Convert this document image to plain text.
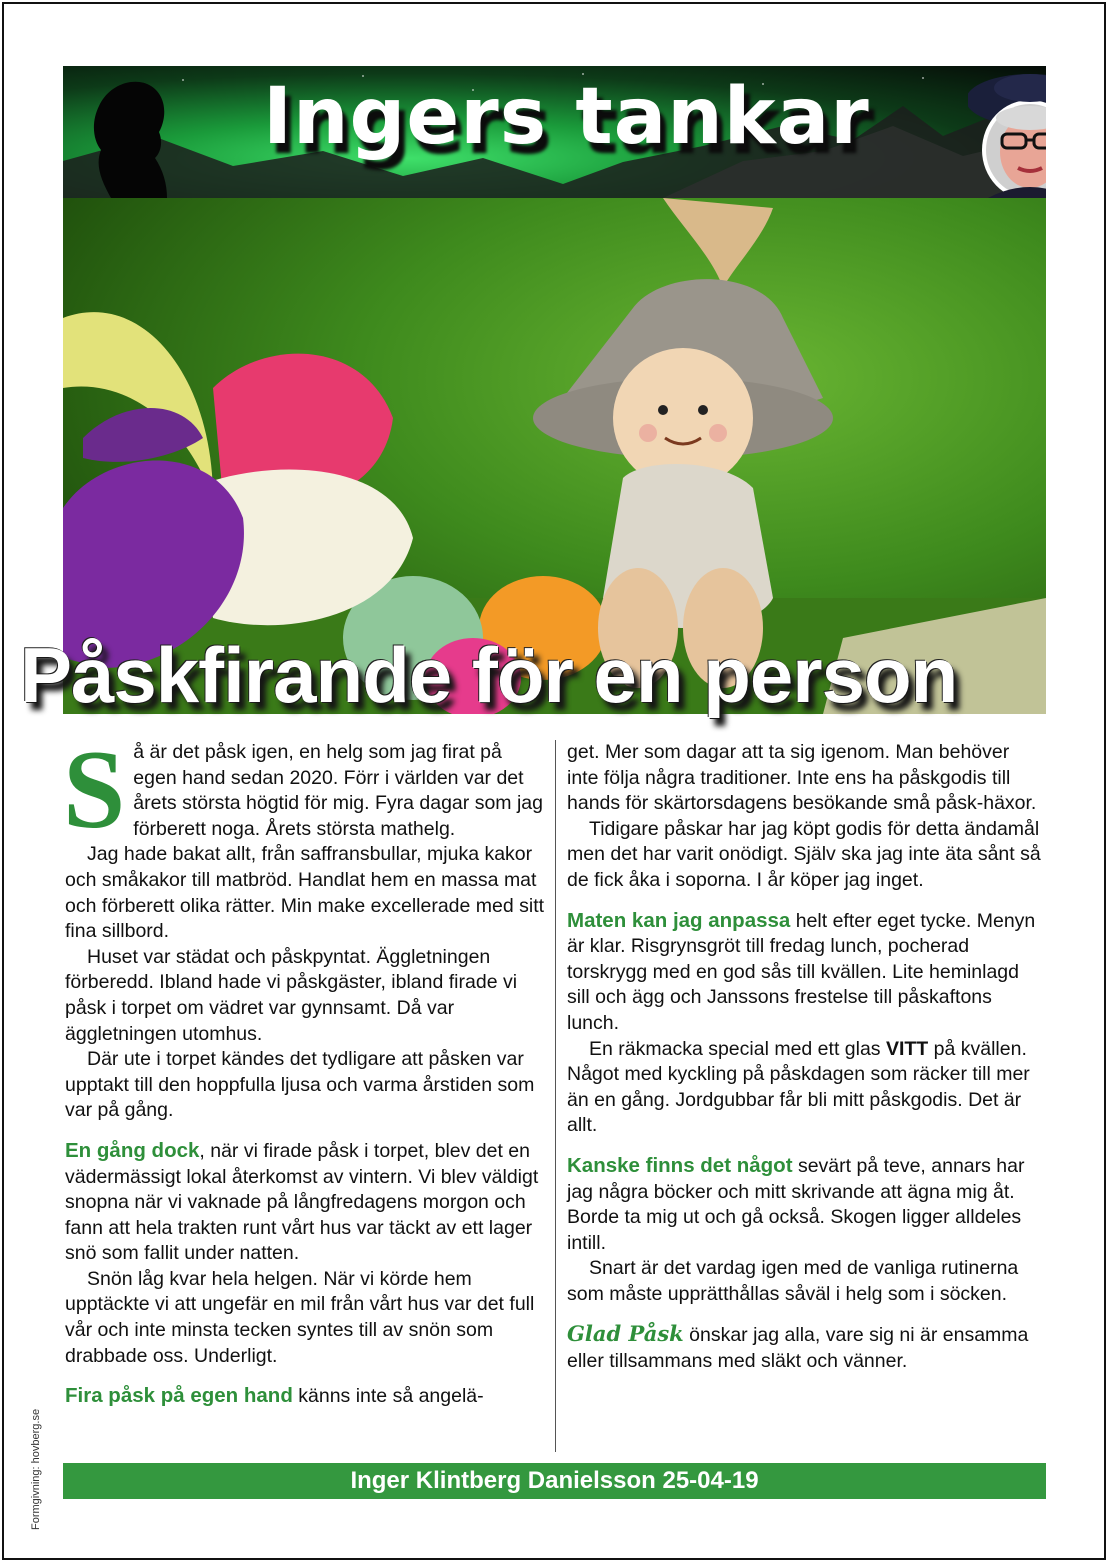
Ingers tankar
Påskfirande för en person

Så är det påsk igen, en helg som jag firat på egen hand sedan 2020. Förr i världen var det årets största högtid för mig. Fyra dagar som jag förberett noga. Årets största mathelg.

Jag hade bakat allt, från saffransbullar, mjuka kakor och småkakor till matbröd. Handlat hem en massa mat och förberett olika rätter. Min make excellerade med sitt fina sillbord.

Huset var städat och påskpyntat. Äggletningen förberedd. Ibland hade vi påskgäster, ibland firade vi påsk i torpet om vädret var gynnsamt. Då var äggletningen utomhus.

Där ute i torpet kändes det tydligare att påsken var upptakt till den hoppfulla ljusa och varma årstiden som var på gång.

En gång dock, när vi firade påsk i torpet, blev det en vädermässigt lokal återkomst av vintern. Vi blev väldigt snopna när vi vaknade på långfredagens morgon och fann att hela trakten runt vårt hus var täckt av ett lager snö som fallit under natten.

Snön låg kvar hela helgen. När vi körde hem upptäckte vi att ungefär en mil från vårt hus var det full vår och inte minsta tecken syntes till av snön som drabbade oss. Underligt.

Fira påsk på egen hand känns inte så angelä-

get. Mer som dagar att ta sig igenom. Man behöver inte följa några traditioner. Inte ens ha påskgodis till hands för skärtorsdagens besökande små påsk-häxor.

Tidigare påskar har jag köpt godis för detta ändamål men det har varit onödigt. Själv ska jag inte äta sånt så de fick åka i soporna. I år köper jag inget.

Maten kan jag anpassa helt efter eget tycke. Menyn är klar. Risgrynsgröt till fredag lunch, pocherad torskrygg med en god sås till kvällen. Lite heminlagd sill och ägg och Janssons frestelse till påskaftons lunch.

En räkmacka special med ett glas VITT på kvällen. Något med kyckling på påskdagen som räcker till mer än en gång. Jordgubbar får bli mitt påskgodis. Det är allt.

Kanske finns det något sevärt på teve, annars har jag några böcker och mitt skrivande att ägna mig åt. Borde ta mig ut och gå också. Skogen ligger alldeles intill.

Snart är det vardag igen med de vanliga rutinerna som måste upprätthållas såväl i helg som i söcken.

Glad Påsk önskar jag alla, vare sig ni är ensamma eller tillsammans med släkt och vänner.

Inger Klintberg Danielsson 25-04-19
Formgivning: hovberg.se
